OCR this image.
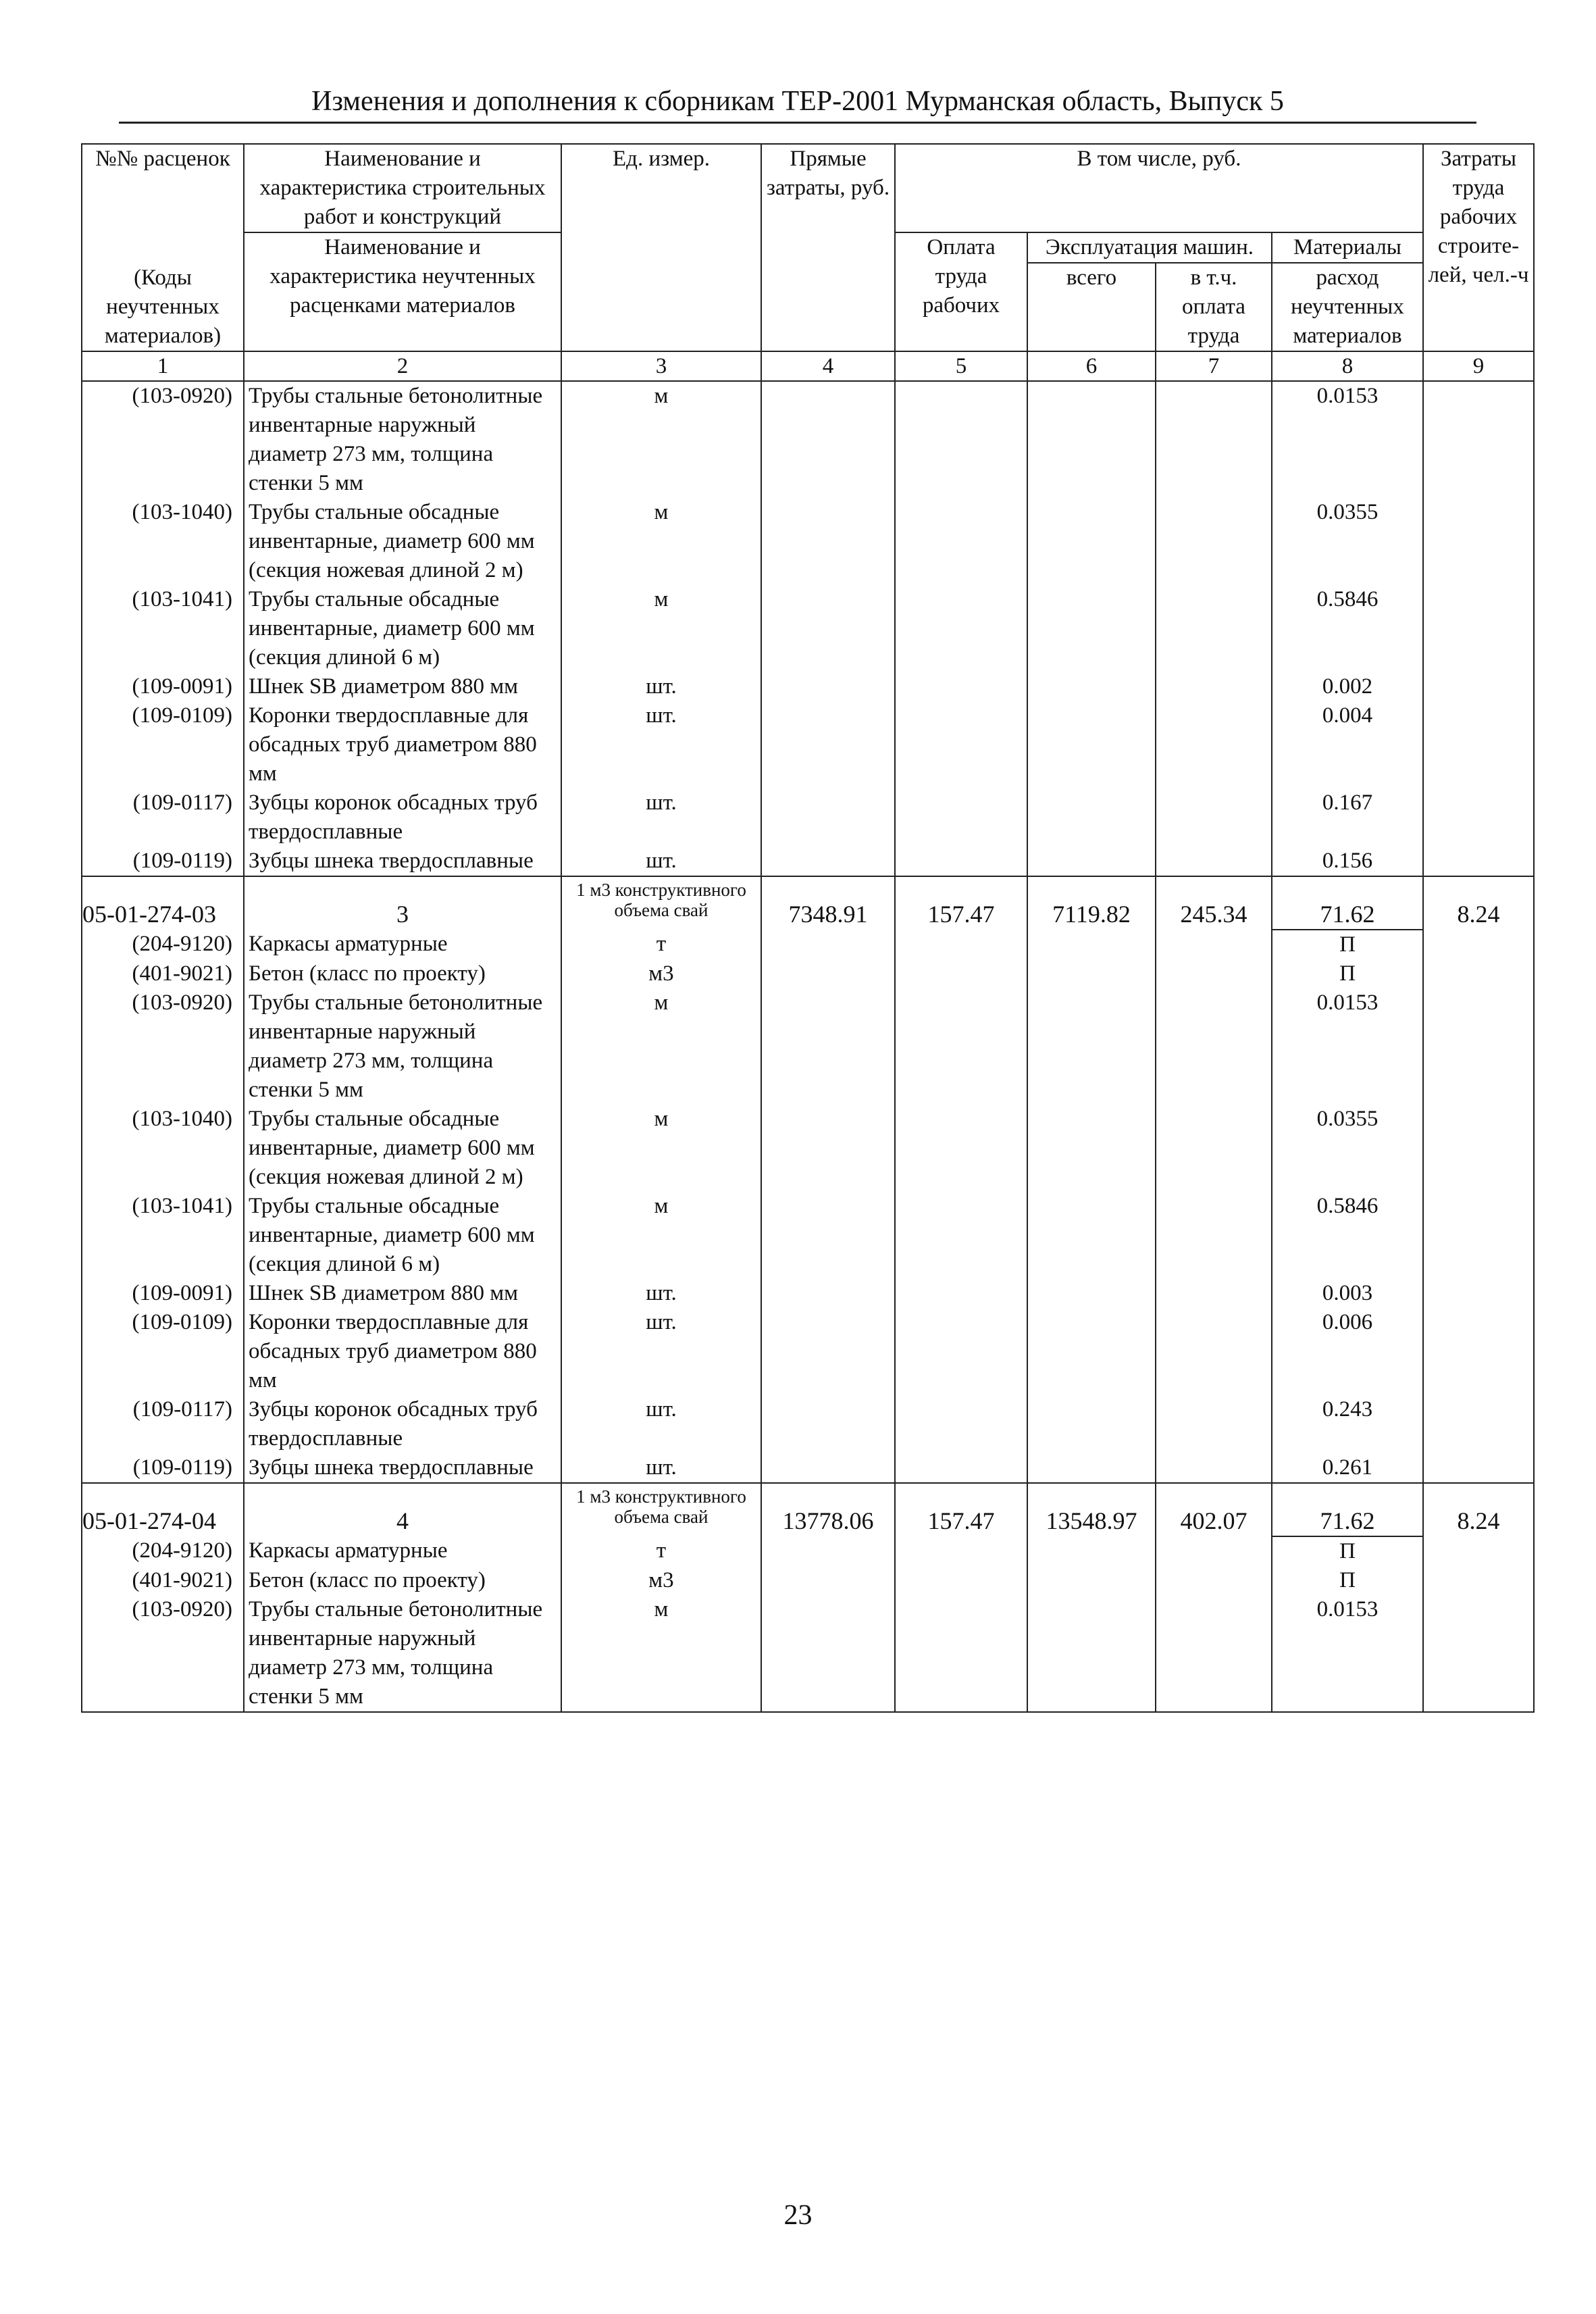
Изменения и дополнения к сборникам ТЕР-2001 Мурманская область, Выпуск 5
№№ расценок	Наименование и характеристика строительных работ и конструкций	Ед. измер.	Прямые затраты, руб.	В том числе, руб.				Затраты труда рабочих строите-лей, чел.-ч
(Коды неучтенных материалов)	Наименование и характеристика неучтенных расценками материалов			Оплата труда рабочих	Эксплуатация машин.		Материалы	
					всего	в т.ч. оплата труда	расход неучтенных материалов	
1	2	3	4	5	6	7	8	9
(103-0920)	Трубы стальные бетонолитные инвентарные наружный диаметр 273 мм, толщина стенки 5 мм	м					0.0153	
(103-1040)	Трубы стальные обсадные инвентарные, диаметр 600 мм (секция ножевая длиной 2 м)	м					0.0355	
(103-1041)	Трубы стальные обсадные инвентарные, диаметр 600 мм (секция длиной 6 м)	м					0.5846	
(109-0091)	Шнек SB диаметром 880 мм	шт.					0.002	
(109-0109)	Коронки твердосплавные для обсадных труб диаметром 880 мм	шт.					0.004	
(109-0117)	Зубцы коронок обсадных труб твердосплавные	шт.					0.167	
(109-0119)	Зубцы шнека твердосплавные	шт.					0.156	
05-01-274-03	3	1 м3 конструктивного объема свай	7348.91	157.47	7119.82	245.34	71.62	8.24
(204-9120)	Каркасы арматурные	т					П	
(401-9021)	Бетон (класс по проекту)	м3					П	
(103-0920)	Трубы стальные бетонолитные инвентарные наружный диаметр 273 мм, толщина стенки 5 мм	м					0.0153	
(103-1040)	Трубы стальные обсадные инвентарные, диаметр 600 мм (секция ножевая длиной 2 м)	м					0.0355	
(103-1041)	Трубы стальные обсадные инвентарные, диаметр 600 мм (секция длиной 6 м)	м					0.5846	
(109-0091)	Шнек SB диаметром 880 мм	шт.					0.003	
(109-0109)	Коронки твердосплавные для обсадных труб диаметром 880 мм	шт.					0.006	
(109-0117)	Зубцы коронок обсадных труб твердосплавные	шт.					0.243	
(109-0119)	Зубцы шнека твердосплавные	шт.					0.261	
05-01-274-04	4	1 м3 конструктивного объема свай	13778.06	157.47	13548.97	402.07	71.62	8.24
(204-9120)	Каркасы арматурные	т					П	
(401-9021)	Бетон (класс по проекту)	м3					П	
(103-0920)	Трубы стальные бетонолитные инвентарные наружный диаметр 273 мм, толщина стенки 5 мм	м					0.0153	
23
